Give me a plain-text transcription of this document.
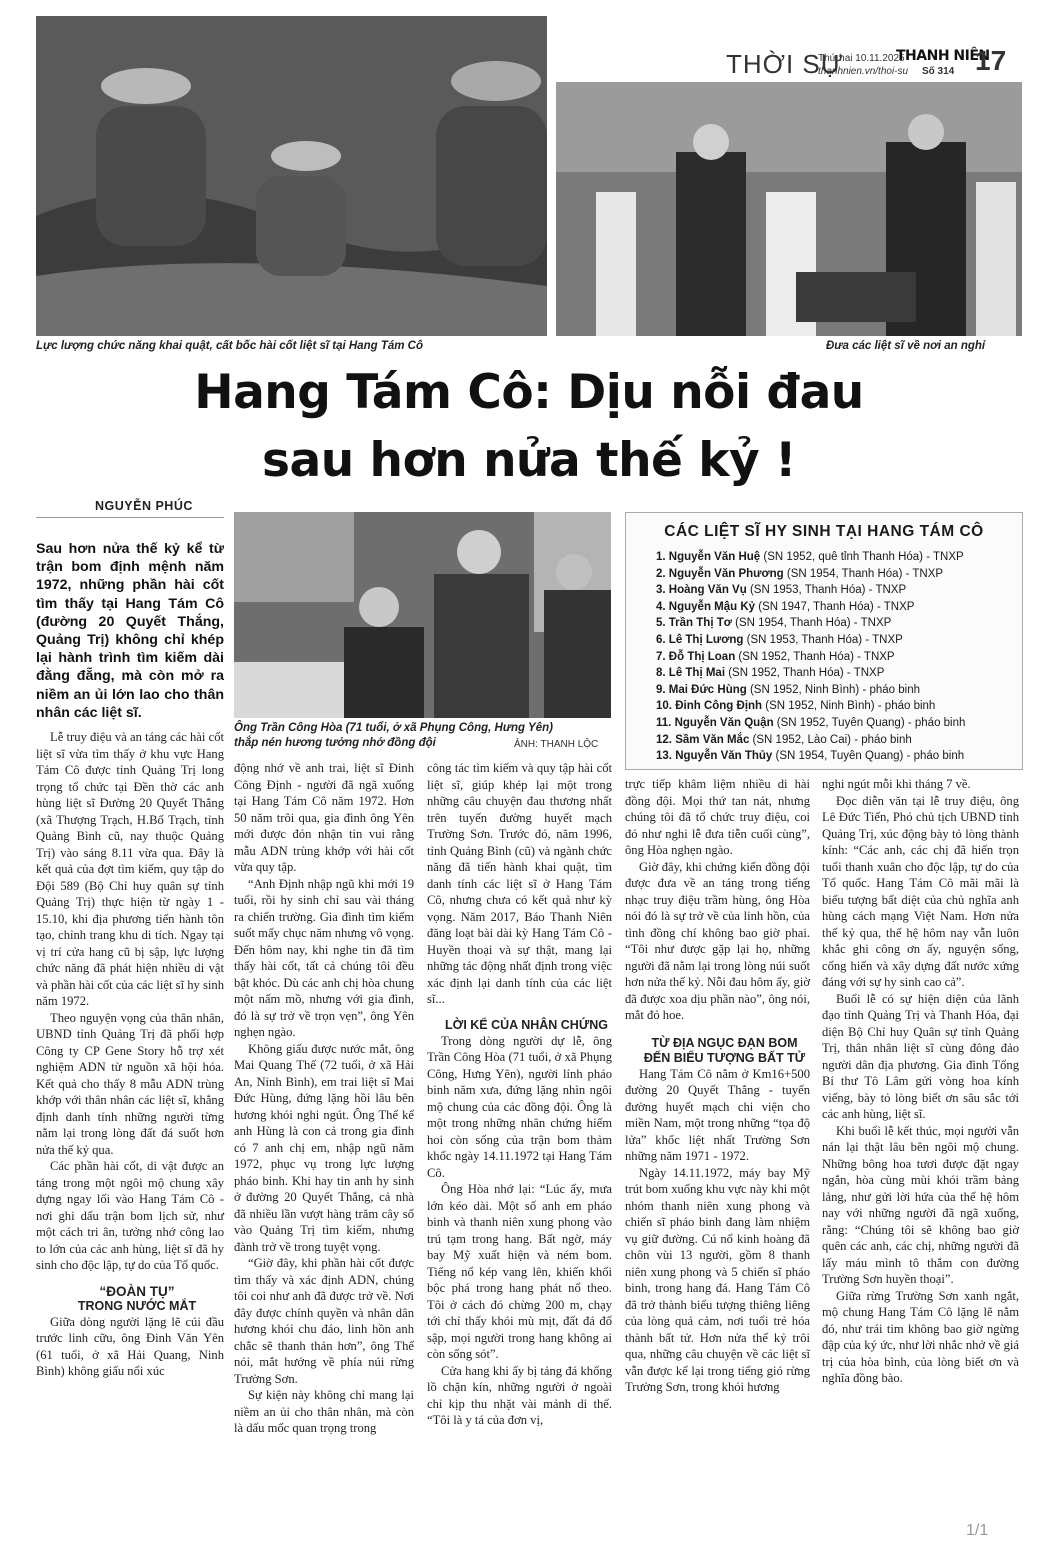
Lực lượng chức năng khai quật, cất bốc hài cốt liệt sĩ tại Hang Tám Cô	Đưa các liệt sĩ về nơi an nghỉ
THỜI SỰ
Thứ hai 10.11.2025
THANH NIÊN
thanhnien.vn/thoi-su Số 314 17
Hang Tám Cô: Dịu nỗi đau
sau hơn nửa thế kỷ !
NGUYỄN PHÚC
Sau hơn nửa thế kỷ kể từ trận bom định mệnh năm 1972, những phần hài cốt tìm thấy tại Hang Tám Cô (đường 20 Quyết Thắng, Quảng Trị) không chỉ khép lại hành trình tìm kiếm dài đằng đẵng, mà còn mở ra niềm an ủi lớn lao cho thân nhân các liệt sĩ.
Ông Trần Công Hòa (71 tuổi, ở xã Phụng Công, Hưng Yên)
thắp nén hương tưởng nhớ đồng đội	ẢNH: THANH LỘC
CÁC LIỆT SĨ HY SINH TẠI HANG TÁM CÔ
1. Nguyễn Văn Huệ (SN 1952, quê tỉnh Thanh Hóa) - TNXP
2. Nguyễn Văn Phương (SN 1954, Thanh Hóa) - TNXP
3. Hoàng Văn Vụ (SN 1953, Thanh Hóa) - TNXP
4. Nguyễn Mậu Kỷ (SN 1947, Thanh Hóa) - TNXP
5. Trần Thị Tơ (SN 1954, Thanh Hóa) - TNXP
6. Lê Thị Lương (SN 1953, Thanh Hóa) - TNXP
7. Đỗ Thị Loan (SN 1952, Thanh Hóa) - TNXP
8. Lê Thị Mai (SN 1952, Thanh Hóa) - TNXP
9. Mai Đức Hùng (SN 1952, Ninh Bình) - pháo binh
10. Đinh Công Định (SN 1952, Ninh Bình) - pháo binh
11. Nguyễn Văn Quận (SN 1952, Tuyên Quang) - pháo binh
12. Sầm Văn Mắc (SN 1952, Lào Cai) - pháo binh
13. Nguyễn Văn Thủy (SN 1954, Tuyên Quang) - pháo binh

Lễ truy điệu và an táng các hài cốt liệt sĩ vừa tìm thấy ở khu vực Hang Tám Cô được tỉnh Quảng Trị long trọng tổ chức tại Đền thờ các anh hùng liệt sĩ Đường 20 Quyết Thắng (xã Thượng Trạch, H.Bố Trạch, tỉnh Quảng Bình cũ, nay thuộc Quảng Trị) vào sáng 8.11 vừa qua. Đây là kết quả của đợt tìm kiếm, quy tập do Đội 589 (Bộ Chỉ huy quân sự tỉnh Quảng Trị) thực hiện từ ngày 1 - 15.10, khi địa phương tiến hành tôn tạo, chỉnh trang khu di tích. Ngay tại vị trí cửa hang cũ bị sập, lực lượng chức năng đã phát hiện nhiều di vật và phần hài cốt của các liệt sĩ hy sinh năm 1972.

Theo nguyện vọng của thân nhân, UBND tỉnh Quảng Trị đã phối hợp Công ty CP Gene Story hỗ trợ xét nghiệm ADN từ nguồn xã hội hóa. Kết quả cho thấy 8 mẫu ADN trùng khớp với thân nhân các liệt sĩ, khẳng định danh tính những người từng nằm lại trong lòng đất đá suốt hơn nửa thế kỷ qua.

Các phần hài cốt, di vật được an táng trong một ngôi mộ chung xây dựng ngay lối vào Hang Tám Cô - nơi ghi dấu trận bom lịch sử, như một cách tri ân, tưởng nhớ công lao to lớn của các anh hùng, liệt sĩ đã hy sinh cho độc lập, tự do của Tổ quốc.

“ĐOÀN TỤ”

TRONG NƯỚC MẮT

Giữa dòng người lặng lẽ cúi đầu trước linh cữu, ông Đinh Văn Yên (61 tuổi, ở xã Hải Quang, Ninh Bình) không giấu nổi xúc

động nhớ về anh trai, liệt sĩ Đinh Công Định - người đã ngã xuống tại Hang Tám Cô năm 1972. Hơn 50 năm trôi qua, gia đình ông Yên mới được đón nhận tin vui rằng mẫu ADN trùng khớp với hài cốt vừa quy tập.

“Anh Định nhập ngũ khi mới 19 tuổi, rồi hy sinh chỉ sau vài tháng ra chiến trường. Gia đình tìm kiếm suốt mấy chục năm nhưng vô vọng. Đến hôm nay, khi nghe tin đã tìm thấy hài cốt, tất cả chúng tôi đều bật khóc. Dù các anh chị hòa chung một nấm mồ, nhưng với gia đình, đó là sự trở về trọn vẹn”, ông Yên nghẹn ngào.

Không giấu được nước mắt, ông Mai Quang Thế (72 tuổi, ở xã Hải An, Ninh Bình), em trai liệt sĩ Mai Đức Hùng, đứng lặng hồi lâu bên hương khói nghi ngút. Ông Thế kể anh Hùng là con cả trong gia đình có 7 anh chị em, nhập ngũ năm 1972, phục vụ trong lực lượng pháo binh. Khi hay tin anh hy sinh ở đường 20 Quyết Thắng, cả nhà đã nhiều lần vượt hàng trăm cây số vào Quảng Trị tìm kiếm, nhưng đành trở về trong tuyệt vọng.

“Giờ đây, khi phần hài cốt được tìm thấy và xác định ADN, chúng tôi coi như anh đã được trở về. Nơi đây được chính quyền và nhân dân hương khói chu đáo, linh hồn anh chắc sẽ thanh thản hơn”, ông Thế nói, mắt hướng về phía núi rừng Trường Sơn.

Sự kiện này không chỉ mang lại niềm an ủi cho thân nhân, mà còn là dấu mốc quan trọng trong

công tác tìm kiếm và quy tập hài cốt liệt sĩ, giúp khép lại một trong những câu chuyện đau thương nhất trên tuyến đường huyết mạch Trường Sơn. Trước đó, năm 1996, tỉnh Quảng Bình (cũ) và ngành chức năng đã tiến hành khai quật, tìm danh tính các liệt sĩ ở Hang Tám Cô, nhưng chưa có kết quả như kỳ vọng. Năm 2017, Báo Thanh Niên đăng loạt bài dài kỳ Hang Tám Cô - Huyền thoại và sự thật, mang lại những tác động nhất định trong việc xác định lại danh tính của các liệt sĩ...

LỜI KỂ CỦA NHÂN CHỨNG

Trong dòng người dự lễ, ông Trần Công Hòa (71 tuổi, ở xã Phụng Công, Hưng Yên), người lính pháo binh năm xưa, đứng lặng nhìn ngôi mộ chung của các đồng đội. Ông là một trong những nhân chứng hiếm hoi còn sống của trận bom thảm khốc ngày 14.11.1972 tại Hang Tám Cô.

Ông Hòa nhớ lại: “Lúc ấy, mưa lớn kéo dài. Một số anh em pháo binh và thanh niên xung phong vào trú tạm trong hang. Bất ngờ, máy bay Mỹ xuất hiện và ném bom. Tiếng nổ kép vang lên, khiến khối bộc phá trong hang phát nổ theo. Tôi ở cách đó chừng 200 m, chạy tới chỉ thấy khói mù mịt, đất đá đổ sập, mọi người trong hang không ai còn sống sót”.

Cửa hang khi ấy bị tảng đá khổng lồ chặn kín, những người ở ngoài chỉ kịp thu nhặt vài mảnh di thể. “Tôi là y tá của đơn vị,

trực tiếp khâm liệm nhiều di hài đồng đội. Mọi thứ tan nát, nhưng chúng tôi đã tổ chức truy điệu, coi đó như nghi lễ đưa tiễn cuối cùng”, ông Hòa nghẹn ngào.

Giờ đây, khi chứng kiến đồng đội được đưa về an táng trong tiếng nhạc truy điệu trầm hùng, ông Hòa nói đó là sự trở về của linh hồn, của tình đồng chí không bao giờ phai. “Tôi như được gặp lại họ, những người đã nằm lại trong lòng núi suốt hơn nửa thế kỷ. Nỗi đau hôm ấy, giờ đã được xoa dịu phần nào”, ông nói, mắt đỏ hoe.

TỪ ĐỊA NGỤC ĐẠN BOM

ĐẾN BIỂU TƯỢNG BẤT TỬ

Hang Tám Cô nằm ở Km16+500 đường 20 Quyết Thắng - tuyến đường huyết mạch chi viện cho miền Nam, một trong những “tọa độ lửa” khốc liệt nhất Trường Sơn những năm 1971 - 1972.

Ngày 14.11.1972, máy bay Mỹ trút bom xuống khu vực này khi một nhóm thanh niên xung phong và chiến sĩ pháo binh đang làm nhiệm vụ giữ đường. Cú nổ kinh hoàng đã chôn vùi 13 người, gồm 8 thanh niên xung phong và 5 chiến sĩ pháo binh, trong hang đá. Hang Tám Cô đã trở thành biểu tượng thiêng liêng của lòng quả cảm, nơi tuổi trẻ hóa thành bất tử. Hơn nửa thế kỷ trôi qua, những câu chuyện về các liệt sĩ vẫn được kể lại trong tiếng gió rừng Trường Sơn, trong khói hương

nghi ngút mỗi khi tháng 7 về.

Đọc diễn văn tại lễ truy điệu, ông Lê Đức Tiến, Phó chủ tịch UBND tỉnh Quảng Trị, xúc động bày tỏ lòng thành kính: “Các anh, các chị đã hiến trọn tuổi thanh xuân cho độc lập, tự do của Tổ quốc. Hang Tám Cô mãi mãi là biểu tượng bất diệt của chủ nghĩa anh hùng cách mạng Việt Nam. Hơn nửa thế kỷ qua, thế hệ hôm nay vẫn luôn khắc ghi công ơn ấy, nguyện sống, cống hiến và xây dựng đất nước xứng đáng với sự hy sinh cao cả”.

Buổi lễ có sự hiện diện của lãnh đạo tỉnh Quảng Trị và Thanh Hóa, đại diện Bộ Chỉ huy Quân sự tỉnh Quảng Trị, thân nhân liệt sĩ cùng đông đảo người dân địa phương. Gia đình Tổng Bí thư Tô Lâm gửi vòng hoa kính viếng, bày tỏ lòng biết ơn sâu sắc tới các anh hùng, liệt sĩ.

Khi buổi lễ kết thúc, mọi người vẫn nán lại thật lâu bên ngôi mộ chung. Những bông hoa tươi được đặt ngay ngắn, hòa cùng mùi khói trầm bảng lảng, như gửi lời hứa của thế hệ hôm nay với những người đã ngã xuống, rằng: “Chúng tôi sẽ không bao giờ quên các anh, các chị, những người đã lấy máu mình tô thắm con đường Trường Sơn huyền thoại”.

Giữa rừng Trường Sơn xanh ngắt, mộ chung Hang Tám Cô lặng lẽ nằm đó, như trái tim không bao giờ ngừng đập của ký ức, như lời nhắc nhở về giá trị của hòa bình, của lòng biết ơn và nghĩa đồng bào.

1/1
